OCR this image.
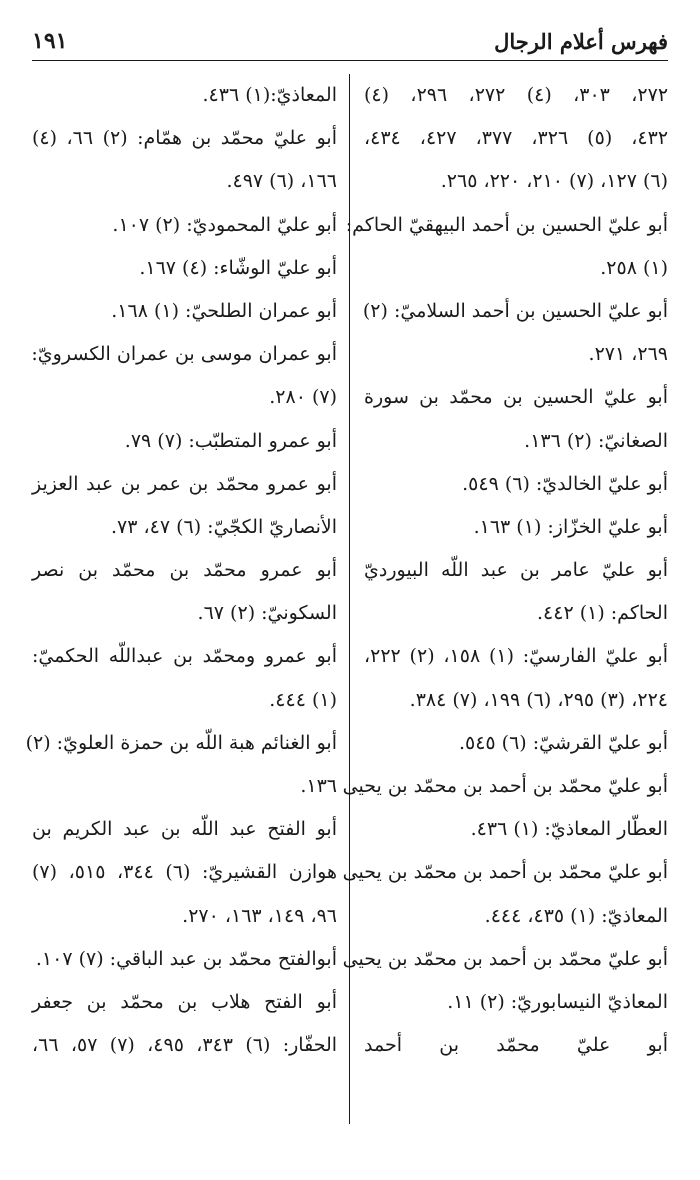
فهرس أعلام الرجال
١٩١
٢٧٢، ٣٠٣، (٤) ٢٧٢، ٢٩٦، (٤)
٤٣٢، (٥) ٣٢٦، ٣٧٧، ٤٢٧، ٤٣٤،
(٦) ١٢٧، (٧) ٢١٠، ٢٢٠، ٢٦٥.
أبو عليّ الحسين بن أحمد البيهقيّ الحاكم:
(١) ٢٥٨.
أبو عليّ الحسين بن أحمد السلاميّ: (٢)
٢٦٩، ٢٧١.
أبو عليّ الحسين بن محمّد بن سورة
الصغانيّ: (٢) ١٣٦.
أبو عليّ الخالديّ: (٦) ٥٤٩.
أبو عليّ الخزّاز: (١) ١٦٣.
أبو عليّ عامر بن عبد اللّه البيورديّ
الحاكم: (١) ٤٤٢.
أبو عليّ الفارسيّ: (١) ١٥٨، (٢) ٢٢٢،
٢٢٤، (٣) ٢٩٥، (٦) ١٩٩، (٧) ٣٨٤.
أبو عليّ القرشيّ: (٦) ٥٤٥.
أبو عليّ محمّد بن أحمد بن محمّد بن يحيى
العطّار المعاذيّ: (١) ٤٣٦.
أبو عليّ محمّد بن أحمد بن محمّد بن يحيى
المعاذيّ: (١) ٤٣٥، ٤٤٤.
أبو عليّ محمّد بن أحمد بن محمّد بن يحيى
المعاذيّ النيسابوريّ: (٢) ١١.
أبو عليّ محمّد بن أحمد
المعاذيّ:(١) ٤٣٦.
أبو عليّ محمّد بن همّام: (٢) ٦٦، (٤)
١٦٦، (٦) ٤٩٧.
أبو عليّ المحموديّ: (٢) ١٠٧.
أبو عليّ الوشّاء: (٤) ١٦٧.
أبو عمران الطلحيّ: (١) ١٦٨.
أبو عمران موسى بن عمران الكسرويّ:
(٧) ٢٨٠.
أبو عمرو المتطبّب: (٧) ٧٩.
أبو عمرو محمّد بن عمر بن عبد العزيز
الأنصاريّ الكجّيّ: (٦) ٤٧، ٧٣.
أبو عمرو محمّد بن محمّد بن نصر
السكونيّ: (٢) ٦٧.
أبو عمرو ومحمّد بن عبداللّه الحكميّ:
(١) ٤٤٤.
أبو الغنائم هبة اللّه بن حمزة العلويّ: (٢)
١٣٦.
أبو الفتح عبد اللّه بن عبد الكريم بن
هوازن القشيريّ: (٦) ٣٤٤، ٥١٥، (٧)
٩٦، ١٤٩، ١٦٣، ٢٧٠.
أبوالفتح محمّد بن عبد الباقي: (٧) ١٠٧.
أبو الفتح هلاب بن محمّد بن جعفر
الحفّار: (٦) ٣٤٣، ٤٩٥، (٧) ٥٧، ٦٦،
